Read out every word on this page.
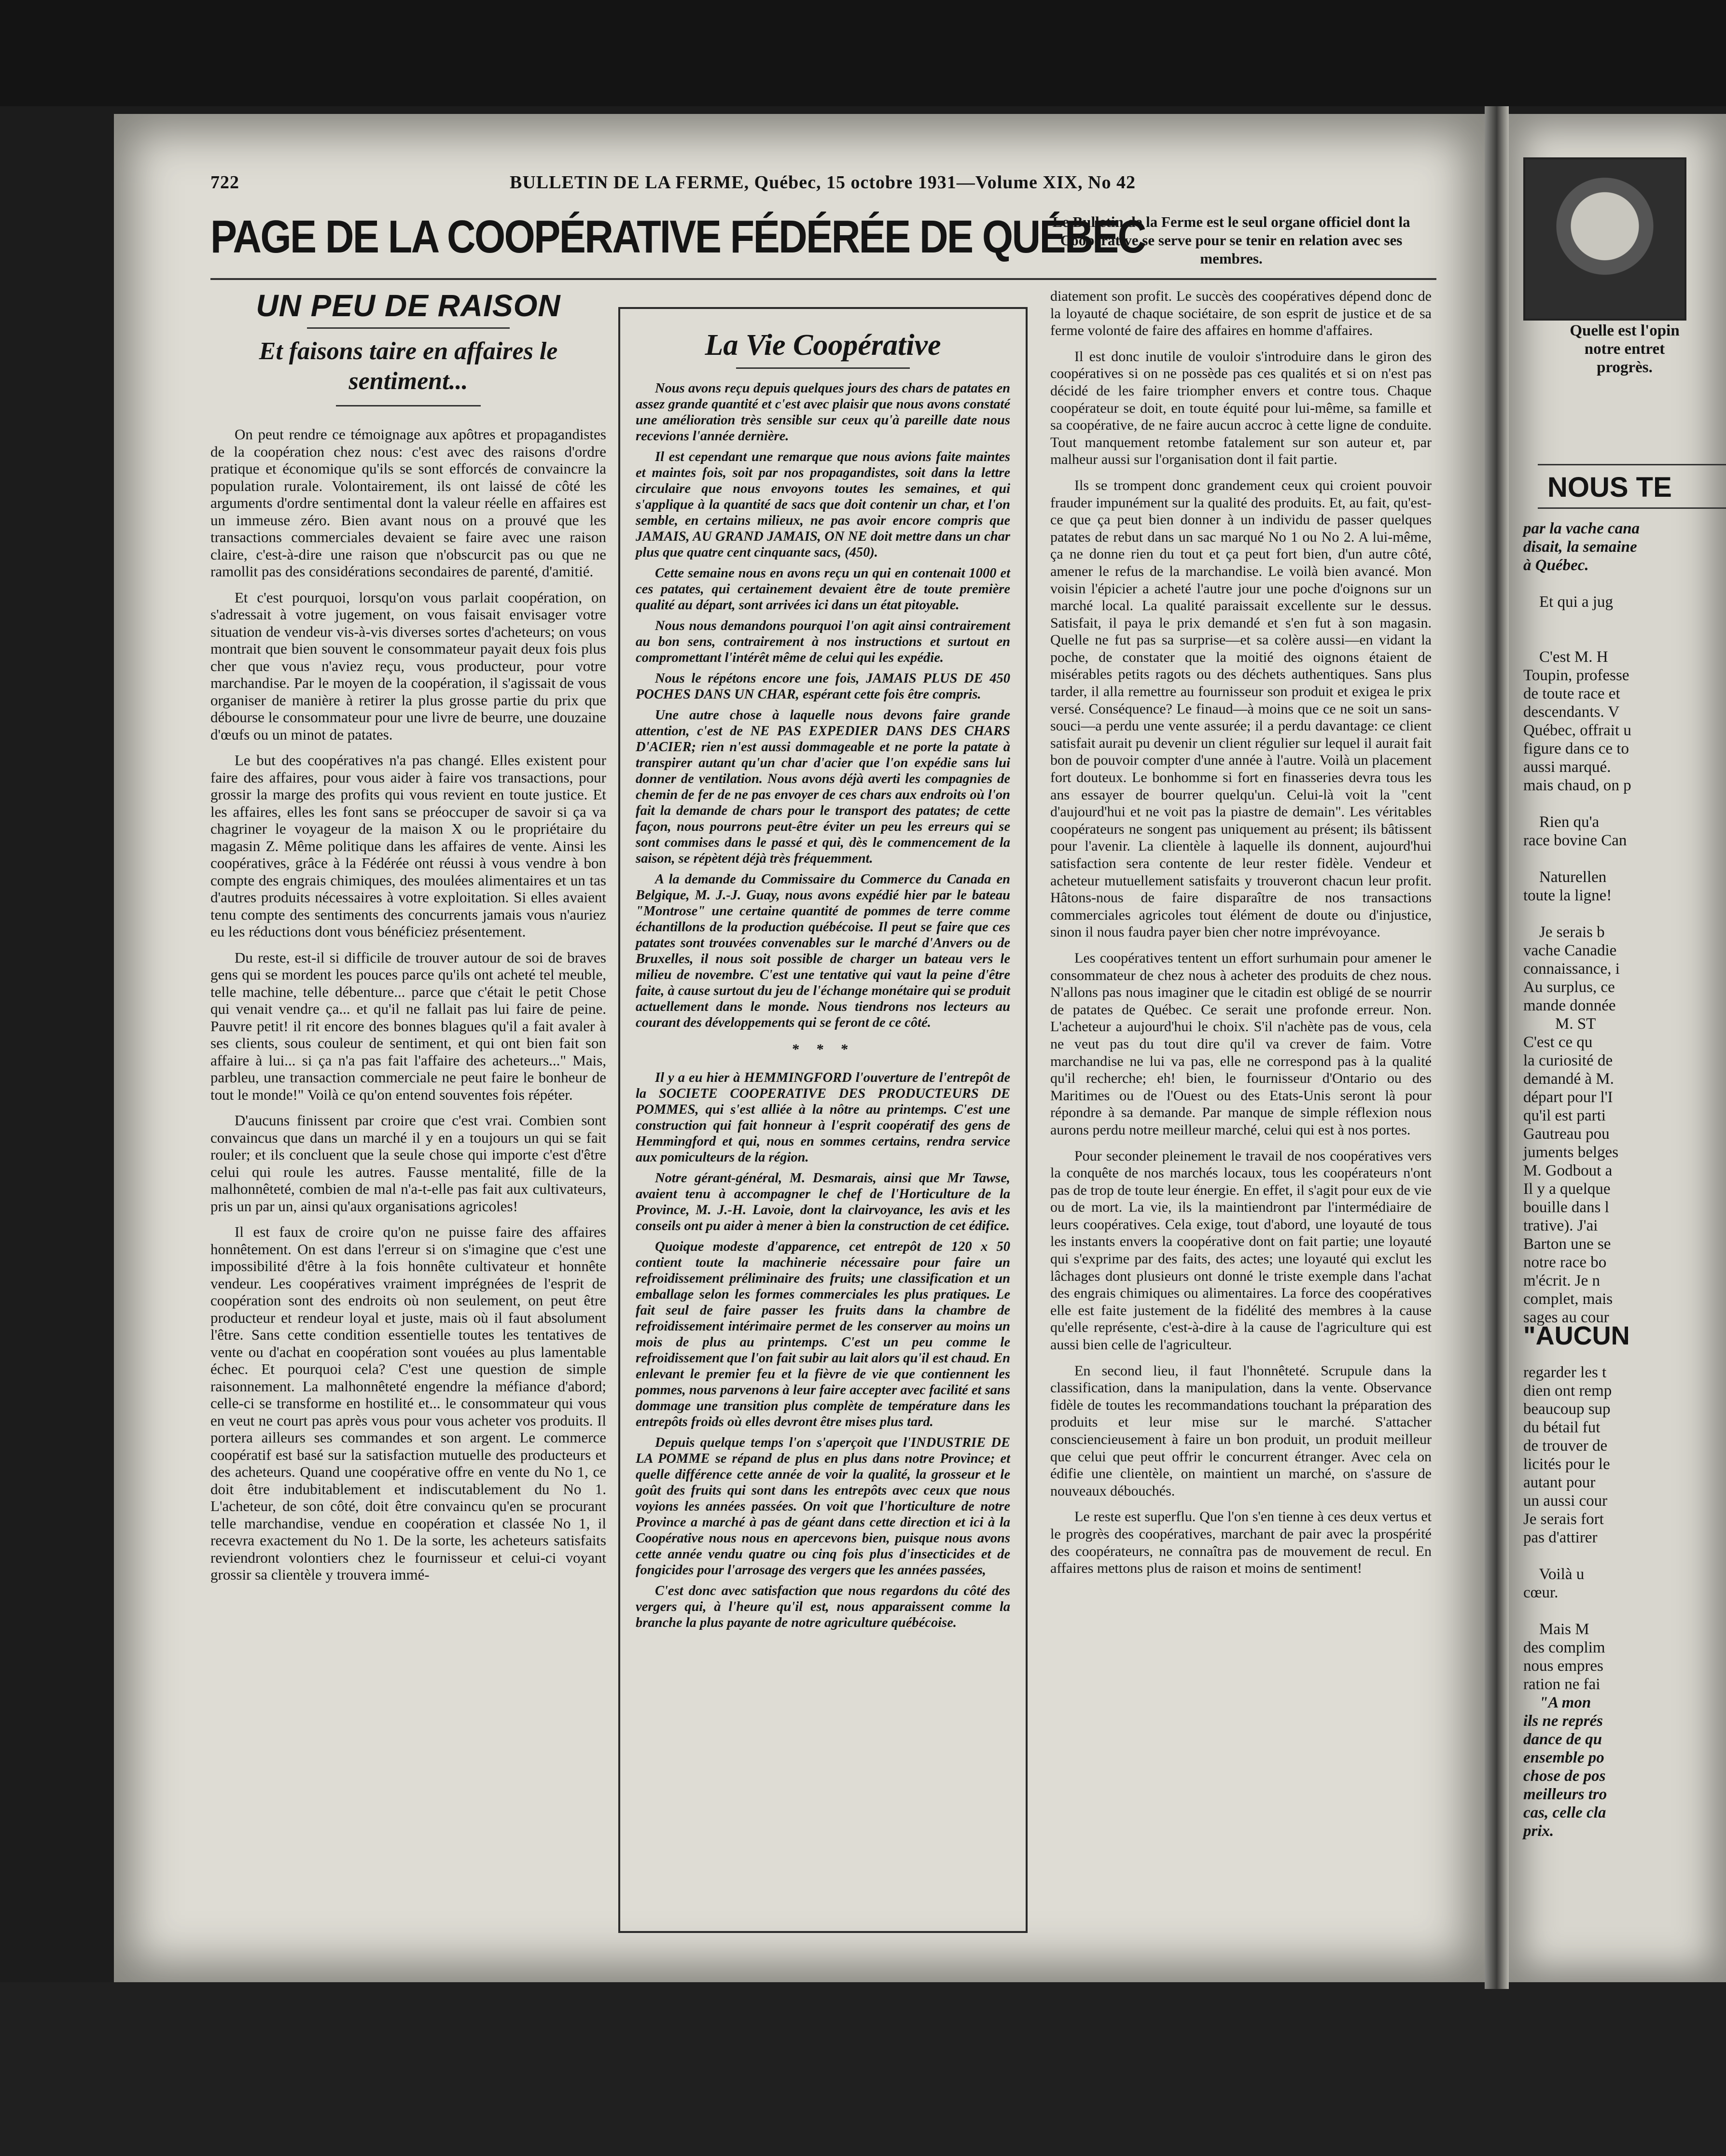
722	BULLETIN DE LA FERME, Québec, 15 octobre 1931—Volume XIX, No 42
PAGE DE LA COOPÉRATIVE FÉDÉRÉE DE QUÉBEC
Le Bulletin de la Ferme est le seul organe officiel dont la Coopérative se serve pour se tenir en relation avec ses membres.
UN PEU DE RAISON
Et faisons taire en affaires le sentiment...

On peut rendre ce témoignage aux apôtres et propagandistes de la coopération chez nous: c'est avec des raisons d'ordre pratique et économique qu'ils se sont efforcés de convaincre la population rurale. Volontairement, ils ont laissé de côté les arguments d'ordre sentimental dont la valeur réelle en affaires est un immeuse zéro. Bien avant nous on a prouvé que les transactions commerciales devaient se faire avec une raison claire, c'est-à-dire une raison que n'obscurcit pas ou que ne ramollit pas des considérations secondaires de parenté, d'amitié.

Et c'est pourquoi, lorsqu'on vous parlait coopération, on s'adressait à votre jugement, on vous faisait envisager votre situation de vendeur vis-à-vis diverses sortes d'acheteurs; on vous montrait que bien souvent le consommateur payait deux fois plus cher que vous n'aviez reçu, vous producteur, pour votre marchandise. Par le moyen de la coopération, il s'agissait de vous organiser de manière à retirer la plus grosse partie du prix que débourse le consommateur pour une livre de beurre, une douzaine d'œufs ou un minot de patates.

Le but des coopératives n'a pas changé. Elles existent pour faire des affaires, pour vous aider à faire vos transactions, pour grossir la marge des profits qui vous revient en toute justice. Et les affaires, elles les font sans se préoccuper de savoir si ça va chagriner le voyageur de la maison X ou le propriétaire du magasin Z. Même politique dans les affaires de vente. Ainsi les coopératives, grâce à la Fédérée ont réussi à vous vendre à bon compte des engrais chimiques, des moulées alimentaires et un tas d'autres produits nécessaires à votre exploitation. Si elles avaient tenu compte des sentiments des concurrents jamais vous n'auriez eu les réductions dont vous bénéficiez présentement.

Du reste, est-il si difficile de trouver autour de soi de braves gens qui se mordent les pouces parce qu'ils ont acheté tel meuble, telle machine, telle débenture... parce que c'était le petit Chose qui venait vendre ça... et qu'il ne fallait pas lui faire de peine. Pauvre petit! il rit encore des bonnes blagues qu'il a fait avaler à ses clients, sous couleur de sentiment, et qui ont bien fait son affaire à lui... si ça n'a pas fait l'affaire des acheteurs..." Mais, parbleu, une transaction commerciale ne peut faire le bonheur de tout le monde!" Voilà ce qu'on entend souventes fois répéter.

D'aucuns finissent par croire que c'est vrai. Combien sont convaincus que dans un marché il y en a toujours un qui se fait rouler; et ils concluent que la seule chose qui importe c'est d'être celui qui roule les autres. Fausse mentalité, fille de la malhonnêteté, combien de mal n'a-t-elle pas fait aux cultivateurs, pris un par un, ainsi qu'aux organisations agricoles!

Il est faux de croire qu'on ne puisse faire des affaires honnêtement. On est dans l'erreur si on s'imagine que c'est une impossibilité d'être à la fois honnête cultivateur et honnête vendeur. Les coopératives vraiment imprégnées de l'esprit de coopération sont des endroits où non seulement, on peut être producteur et rendeur loyal et juste, mais où il faut absolument l'être. Sans cette condition essentielle toutes les tentatives de vente ou d'achat en coopération sont vouées au plus lamentable échec. Et pourquoi cela? C'est une question de simple raisonnement. La malhonnêteté engendre la méfiance d'abord; celle-ci se transforme en hostilité et... le consommateur qui vous en veut ne court pas après vous pour vous acheter vos produits. Il portera ailleurs ses commandes et son argent. Le commerce coopératif est basé sur la satisfaction mutuelle des producteurs et des acheteurs. Quand une coopérative offre en vente du No 1, ce doit être indubitablement et indiscutablement du No 1. L'acheteur, de son côté, doit être convaincu qu'en se procurant telle marchandise, vendue en coopération et classée No 1, il recevra exactement du No 1. De la sorte, les acheteurs satisfaits reviendront volontiers chez le fournisseur et celui-ci voyant grossir sa clientèle y trouvera immé-

La Vie Coopérative

Nous avons reçu depuis quelques jours des chars de patates en assez grande quantité et c'est avec plaisir que nous avons constaté une amélioration très sensible sur ceux qu'à pareille date nous recevions l'année dernière.

Il est cependant une remarque que nous avions faite maintes et maintes fois, soit par nos propagandistes, soit dans la lettre circulaire que nous envoyons toutes les semaines, et qui s'applique à la quantité de sacs que doit contenir un char, et l'on semble, en certains milieux, ne pas avoir encore compris que JAMAIS, AU GRAND JAMAIS, ON NE doit mettre dans un char plus que quatre cent cinquante sacs, (450).

Cette semaine nous en avons reçu un qui en contenait 1000 et ces patates, qui certainement devaient être de toute première qualité au départ, sont arrivées ici dans un état pitoyable.

Nous nous demandons pourquoi l'on agit ainsi contrairement au bon sens, contrairement à nos instructions et surtout en compromettant l'intérêt même de celui qui les expédie.

Nous le répétons encore une fois, JAMAIS PLUS DE 450 POCHES DANS UN CHAR, espérant cette fois être compris.

Une autre chose à laquelle nous devons faire grande attention, c'est de NE PAS EXPEDIER DANS DES CHARS D'ACIER; rien n'est aussi dommageable et ne porte la patate à transpirer autant qu'un char d'acier que l'on expédie sans lui donner de ventilation. Nous avons déjà averti les compagnies de chemin de fer de ne pas envoyer de ces chars aux endroits où l'on fait la demande de chars pour le transport des patates; de cette façon, nous pourrons peut-être éviter un peu les erreurs qui se sont commises dans le passé et qui, dès le commencement de la saison, se répètent déjà très fréquemment.

A la demande du Commissaire du Commerce du Canada en Belgique, M. J.-J. Guay, nous avons expédié hier par le bateau "Montrose" une certaine quantité de pommes de terre comme échantillons de la production québécoise. Il peut se faire que ces patates sont trouvées convenables sur le marché d'Anvers ou de Bruxelles, il nous soit possible de charger un bateau vers le milieu de novembre. C'est une tentative qui vaut la peine d'être faite, à cause surtout du jeu de l'échange monétaire qui se produit actuellement dans le monde. Nous tiendrons nos lecteurs au courant des développements qui se feront de ce côté.

* * *

Il y a eu hier à HEMMINGFORD l'ouverture de l'entrepôt de la SOCIETE COOPERATIVE DES PRODUCTEURS DE POMMES, qui s'est alliée à la nôtre au printemps. C'est une construction qui fait honneur à l'esprit coopératif des gens de Hemmingford et qui, nous en sommes certains, rendra service aux pomiculteurs de la région.

Notre gérant-général, M. Desmarais, ainsi que Mr Tawse, avaient tenu à accompagner le chef de l'Horticulture de la Province, M. J.-H. Lavoie, dont la clairvoyance, les avis et les conseils ont pu aider à mener à bien la construction de cet édifice.

Quoique modeste d'apparence, cet entrepôt de 120 x 50 contient toute la machinerie nécessaire pour faire un refroidissement préliminaire des fruits; une classification et un emballage selon les formes commerciales les plus pratiques. Le fait seul de faire passer les fruits dans la chambre de refroidissement intérimaire permet de les conserver au moins un mois de plus au printemps. C'est un peu comme le refroidissement que l'on fait subir au lait alors qu'il est chaud. En enlevant le premier feu et la fièvre de vie que contiennent les pommes, nous parvenons à leur faire accepter avec facilité et sans dommage une transition plus complète de température dans les entrepôts froids où elles devront être mises plus tard.

Depuis quelque temps l'on s'aperçoit que l'INDUSTRIE DE LA POMME se répand de plus en plus dans notre Province; et quelle différence cette année de voir la qualité, la grosseur et le goût des fruits qui sont dans les entrepôts avec ceux que nous voyions les années passées. On voit que l'horticulture de notre Province a marché à pas de géant dans cette direction et ici à la Coopérative nous nous en apercevons bien, puisque nous avons cette année vendu quatre ou cinq fois plus d'insecticides et de fongicides pour l'arrosage des vergers que les années passées,

C'est donc avec satisfaction que nous regardons du côté des vergers qui, à l'heure qu'il est, nous apparaissent comme la branche la plus payante de notre agriculture québécoise.

diatement son profit. Le succès des coopératives dépend donc de la loyauté de chaque sociétaire, de son esprit de justice et de sa ferme volonté de faire des affaires en homme d'affaires.

Il est donc inutile de vouloir s'introduire dans le giron des coopératives si on ne possède pas ces qualités et si on n'est pas décidé de les faire triompher envers et contre tous. Chaque coopérateur se doit, en toute équité pour lui-même, sa famille et sa coopérative, de ne faire aucun accroc à cette ligne de conduite. Tout manquement retombe fatalement sur son auteur et, par malheur aussi sur l'organisation dont il fait partie.

Ils se trompent donc grandement ceux qui croient pouvoir frauder impunément sur la qualité des produits. Et, au fait, qu'est-ce que ça peut bien donner à un individu de passer quelques patates de rebut dans un sac marqué No 1 ou No 2. A lui-même, ça ne donne rien du tout et ça peut fort bien, d'un autre côté, amener le refus de la marchandise. Le voilà bien avancé. Mon voisin l'épicier a acheté l'autre jour une poche d'oignons sur un marché local. La qualité paraissait excellente sur le dessus. Satisfait, il paya le prix demandé et s'en fut à son magasin. Quelle ne fut pas sa surprise—et sa colère aussi—en vidant la poche, de constater que la moitié des oignons étaient de misérables petits ragots ou des déchets authentiques. Sans plus tarder, il alla remettre au fournisseur son produit et exigea le prix versé. Conséquence? Le finaud—à moins que ce ne soit un sans-souci—a perdu une vente assurée; il a perdu davantage: ce client satisfait aurait pu devenir un client régulier sur lequel il aurait fait bon de pouvoir compter d'une année à l'autre. Voilà un placement fort douteux. Le bonhomme si fort en finasseries devra tous les ans essayer de bourrer quelqu'un. Celui-là voit la "cent d'aujourd'hui et ne voit pas la piastre de demain". Les véritables coopérateurs ne songent pas uniquement au présent; ils bâtissent pour l'avenir. La clientèle à laquelle ils donnent, aujourd'hui satisfaction sera contente de leur rester fidèle. Vendeur et acheteur mutuellement satisfaits y trouveront chacun leur profit. Hâtons-nous de faire disparaître de nos transactions commerciales agricoles tout élément de doute ou d'injustice, sinon il nous faudra payer bien cher notre imprévoyance.

Les coopératives tentent un effort surhumain pour amener le consommateur de chez nous à acheter des produits de chez nous. N'allons pas nous imaginer que le citadin est obligé de se nourrir de patates de Québec. Ce serait une profonde erreur. Non. L'acheteur a aujourd'hui le choix. S'il n'achète pas de vous, cela ne veut pas du tout dire qu'il va crever de faim. Votre marchandise ne lui va pas, elle ne correspond pas à la qualité qu'il recherche; eh! bien, le fournisseur d'Ontario ou des Maritimes ou de l'Ouest ou des Etats-Unis seront là pour répondre à sa demande. Par manque de simple réflexion nous aurons perdu notre meilleur marché, celui qui est à nos portes.

Pour seconder pleinement le travail de nos coopératives vers la conquête de nos marchés locaux, tous les coopérateurs n'ont pas de trop de toute leur énergie. En effet, il s'agit pour eux de vie ou de mort. La vie, ils la maintiendront par l'intermédiaire de leurs coopératives. Cela exige, tout d'abord, une loyauté de tous les instants envers la coopérative dont on fait partie; une loyauté qui s'exprime par des faits, des actes; une loyauté qui exclut les lâchages dont plusieurs ont donné le triste exemple dans l'achat des engrais chimiques ou alimentaires. La force des coopératives elle est faite justement de la fidélité des membres à la cause qu'elle représente, c'est-à-dire à la cause de l'agriculture qui est aussi bien celle de l'agriculteur.

En second lieu, il faut l'honnêteté. Scrupule dans la classification, dans la manipulation, dans la vente. Observance fidèle de toutes les recommandations touchant la préparation des produits et leur mise sur le marché. S'attacher consciencieusement à faire un bon produit, un produit meilleur que celui que peut offrir le concurrent étranger. Avec cela on édifie une clientèle, on maintient un marché, on s'assure de nouveaux débouchés.

Le reste est superflu. Que l'on s'en tienne à ces deux vertus et le progrès des coopératives, marchant de pair avec la prospérité des coopérateurs, ne connaîtra pas de mouvement de recul. En affaires mettons plus de raison et moins de sentiment!

Quelle est l'opin
notre entret
progrès.
NOUS TE
par la vache cana
disait, la semaine
à Québec.
Et qui a jug
C'est M. H
Toupin, professe
de toute race et
descendants. V
Québec, offrait u
figure dans ce to
aussi marqué.
mais chaud, on p
Rien qu'a
race bovine Can
Naturellen
toute la ligne!
Je serais b
vache Canadie
connaissance, i
Au surplus, ce
mande donnée
M. ST
C'est ce qu
la curiosité de
demandé à M.
départ pour l'I
qu'il est parti
Gautreau pou
juments belges
M. Godbout a
Il y a quelque
bouille dans l
trative). J'ai
Barton une se
notre race bo
m'écrit. Je n
complet, mais
sages au cour
"AUCUN
regarder les t
dien ont remp
beaucoup sup
du bétail fut
de trouver de
licités pour le
autant pour
un aussi cour
Je serais fort
pas d'attirer
Voilà u
cœur.
Mais M
des complim
nous empres
ration ne fai
"A mon
ils ne représ
dance de qu
ensemble po
chose de pos
meilleurs tro
cas, celle cla
prix.
